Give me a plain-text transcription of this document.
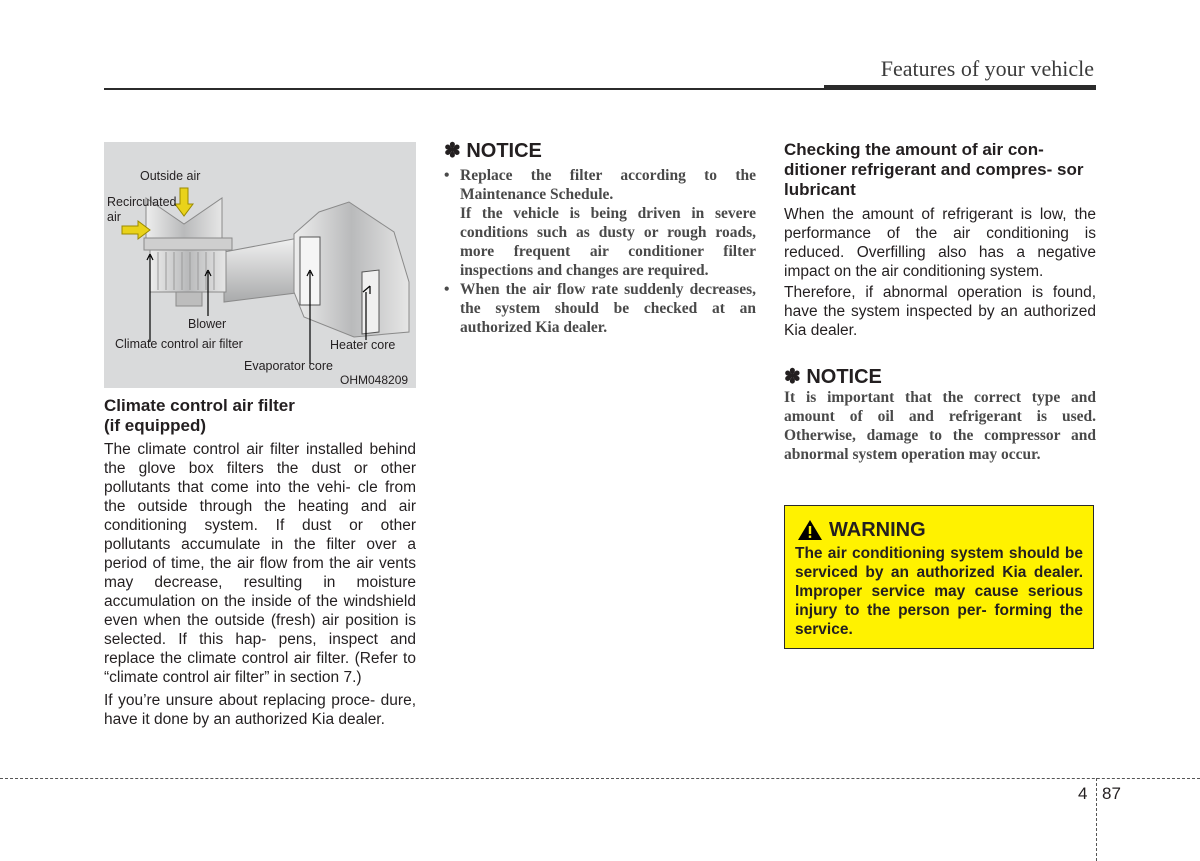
Features of your vehicle
Outside air
Recirculated air
Blower
Climate control air filter	Heater core
Evaporator core
OHM048209

Climate control air filter

(if equipped)

The climate control air filter installed behind the glove box filters the dust or other pollutants that come into the vehi- cle from the outside through the heating and air conditioning system. If dust or other pollutants accumulate in the filter over a period of time, the air flow from the air vents may decrease, resulting in moisture accumulation on the inside of the windshield even when the outside (fresh) air position is selected. If this hap- pens, inspect and replace the climate control air filter. (Refer to “climate control air filter” in section 7.)

If you’re unsure about replacing proce- dure, have it done by an authorized Kia dealer.

✽ NOTICE

• Replace the filter according to the Maintenance Schedule.

If the vehicle is being driven in severe conditions such as dusty or rough roads, more frequent air conditioner filter inspections and changes are required.

• When the air flow rate suddenly decreases, the system should be checked at an authorized Kia dealer.

Checking the amount of air con- ditioner refrigerant and compres- sor lubricant

When the amount of refrigerant is low, the performance of the air conditioning is reduced. Overfilling also has a negative impact on the air conditioning system.

Therefore, if abnormal operation is found, have the system inspected by an authorized Kia dealer.

✽ NOTICE

It is important that the correct type and amount of oil and refrigerant is used. Otherwise, damage to the compressor and abnormal system operation may occur.

WARNING

The air conditioning system should be serviced by an authorized Kia dealer. Improper service may cause serious injury to the person per- forming the service.

4 87
